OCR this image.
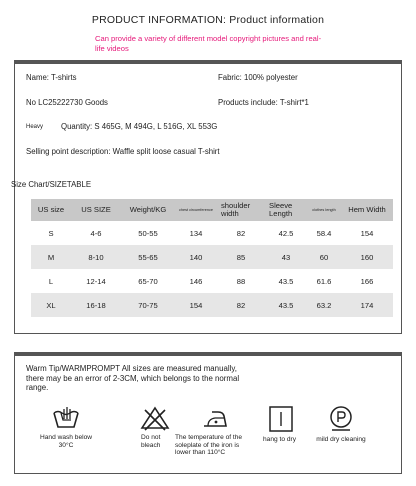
PRODUCT INFORMATION: Product information
Can provide a variety of different model copyright pictures and real-life videos
Name: T-shirts	Fabric: 100% polyester
No LC25222730 Goods	Products include: T-shirt*1
Heavy Quantity: S 465G, M 494G, L 516G, XL 553G
Selling point description: Waffle split loose casual T-shirt
Size Chart/SIZETABLE
US size	US SIZE	Weight/KG	chest circumference	shoulder width	Sleeve Length	clothes length	Hem Width
S	4-6	50-55	134	82	42.5	58.4	154
M	8-10	55-65	140	85	43	60	160
L	12-14	65-70	146	88	43.5	61.6	166
XL	16-18	70-75	154	82	43.5	63.2	174
Warm Tip/WARMPROMPT All sizes are measured manually, there may be an error of 2-3CM, which belongs to the normal range.
Hand wash below 30°C
Do not bleach
The temperature of the soleplate of the iron is lower than 110°C
hang to dry	mild dry cleaning
